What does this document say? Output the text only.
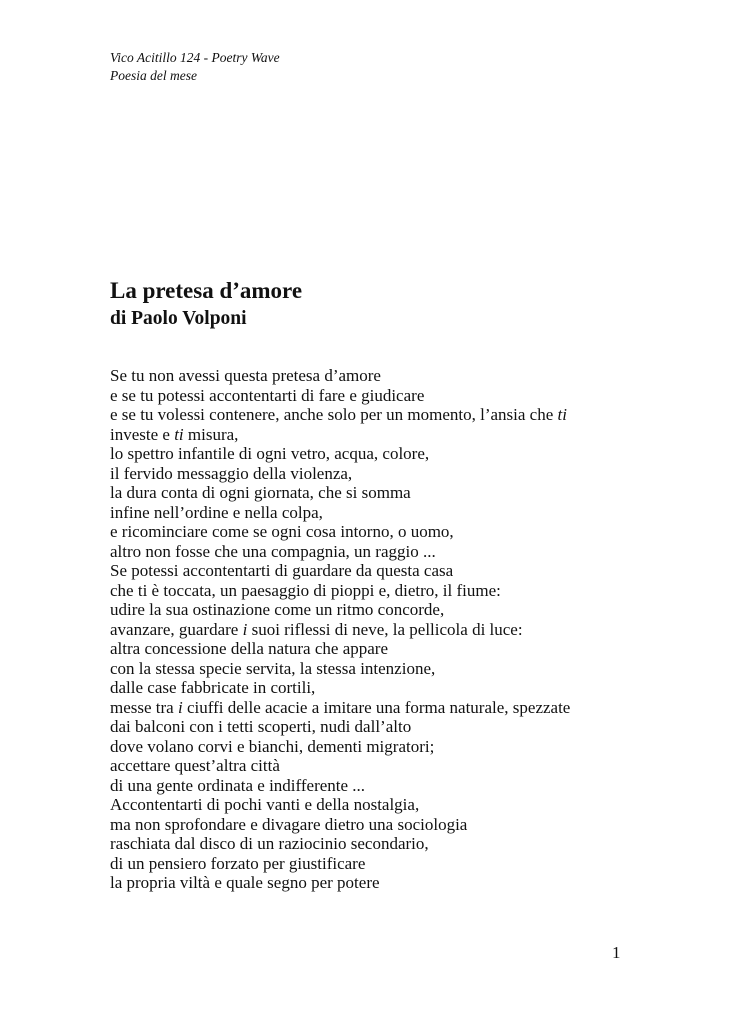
Vico Acitillo 124 - Poetry Wave
Poesia del mese
La pretesa d’amore
di Paolo Volponi
Se tu non avessi questa pretesa d’amore
e se tu potessi accontentarti di fare e giudicare
e se tu volessi contenere, anche solo per un momento, l’ansia che ti
investe e ti misura,
lo spettro infantile di ogni vetro, acqua, colore,
il fervido messaggio della violenza,
la dura conta di ogni giornata, che si somma
infine nell’ordine e nella colpa,
e ricominciare come se ogni cosa intorno, o uomo,
altro non fosse che una compagnia, un raggio ...
Se potessi accontentarti di guardare da questa casa
che ti è toccata, un paesaggio di pioppi e, dietro, il fiume:
udire la sua ostinazione come un ritmo concorde,
avanzare, guardare i suoi riflessi di neve, la pellicola di luce:
altra concessione della natura che appare
con la stessa specie servita, la stessa intenzione,
dalle case fabbricate in cortili,
messe tra i ciuffi delle acacie a imitare una forma naturale, spezzate
dai balconi con i tetti scoperti, nudi dall’alto
dove volano corvi e bianchi, dementi migratori;
accettare quest’altra città
di una gente ordinata e indifferente ...
Accontentarti di pochi vanti e della nostalgia,
ma non sprofondare e divagare dietro una sociologia
raschiata dal disco di un raziocinio secondario,
di un pensiero forzato per giustificare
la propria viltà e quale segno per potere
1
